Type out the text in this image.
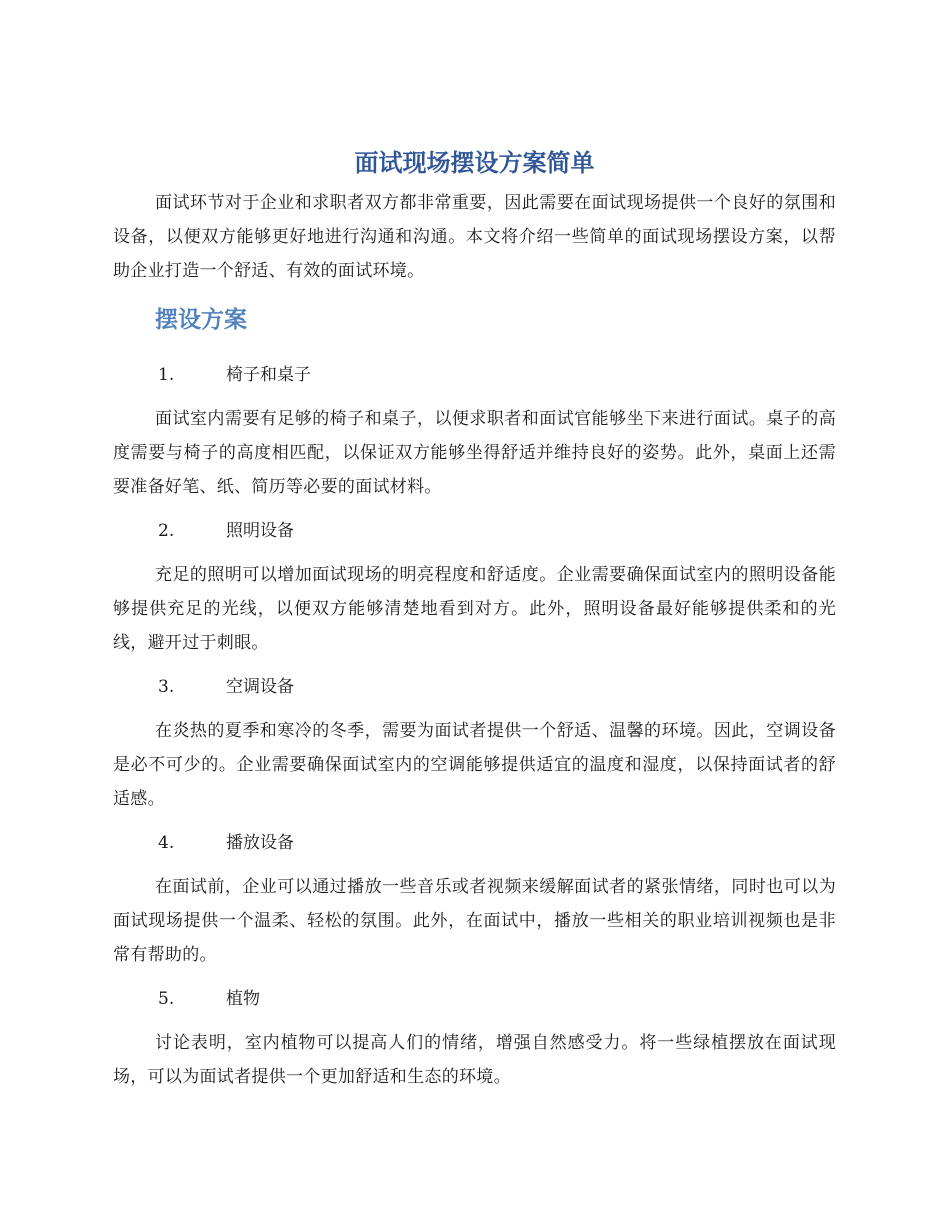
面试现场摆设方案简单

面试环节对于企业和求职者双方都非常重要，因此需要在面试现场提供一个良好的氛围和设备，以便双方能够更好地进行沟通和沟通。本文将介绍一些简单的面试现场摆设方案，以帮助企业打造一个舒适、有效的面试环境。

摆设方案
1.	椅子和桌子

面试室内需要有足够的椅子和桌子，以便求职者和面试官能够坐下来进行面试。桌子的高度需要与椅子的高度相匹配，以保证双方能够坐得舒适并维持良好的姿势。此外，桌面上还需要准备好笔、纸、简历等必要的面试材料。

2.	照明设备

充足的照明可以增加面试现场的明亮程度和舒适度。企业需要确保面试室内的照明设备能够提供充足的光线，以便双方能够清楚地看到对方。此外，照明设备最好能够提供柔和的光线，避开过于刺眼。

3.	空调设备

在炎热的夏季和寒冷的冬季，需要为面试者提供一个舒适、温馨的环境。因此，空调设备是必不可少的。企业需要确保面试室内的空调能够提供适宜的温度和湿度，以保持面试者的舒适感。

4.	播放设备

在面试前，企业可以通过播放一些音乐或者视频来缓解面试者的紧张情绪，同时也可以为面试现场提供一个温柔、轻松的氛围。此外，在面试中，播放一些相关的职业培训视频也是非常有帮助的。

5.	植物

讨论表明，室内植物可以提高人们的情绪，增强自然感受力。将一些绿植摆放在面试现场，可以为面试者提供一个更加舒适和生态的环境。
